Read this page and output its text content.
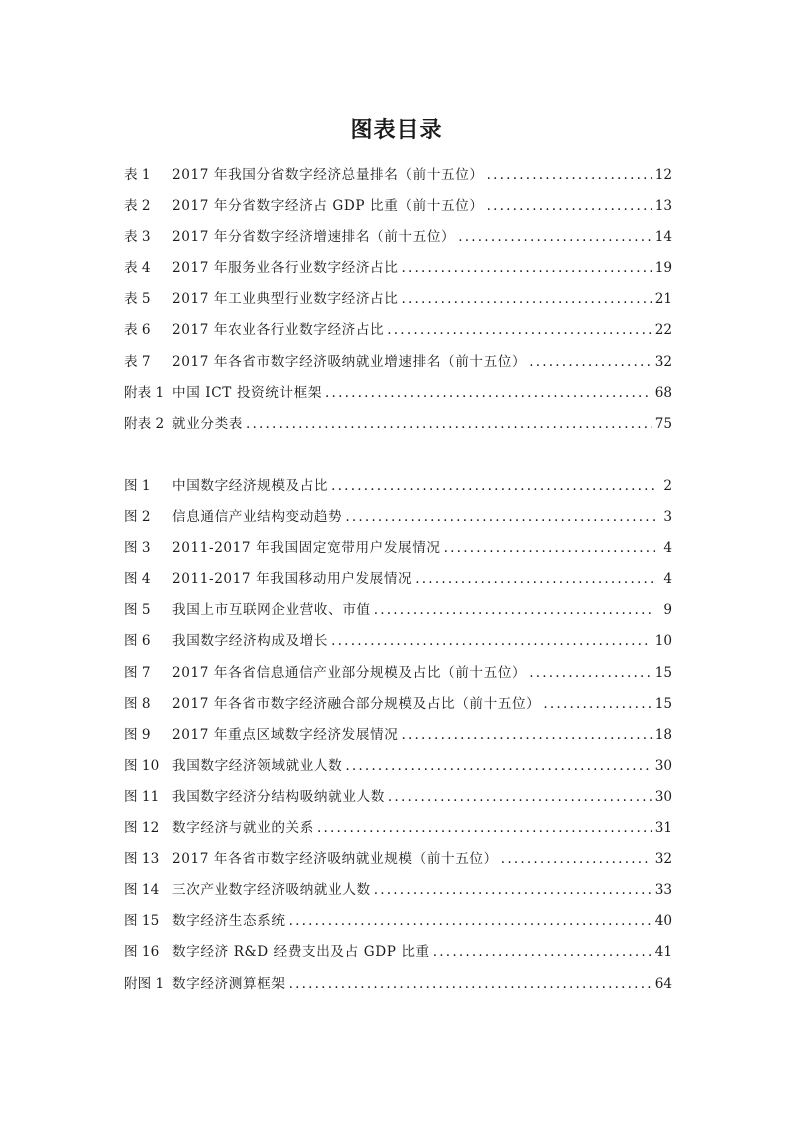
图表目录
表 1	2017 年我国分省数字经济总量排名（前十五位） .....	12
表 2	2017 年分省数字经济占 GDP 比重（前十五位） .....	13
表 3	2017 年分省数字经济增速排名（前十五位） .....	14
表 4	2017 年服务业各行业数字经济占比 .....	19
表 5	2017 年工业典型行业数字经济占比 .....	21
表 6	2017 年农业各行业数字经济占比 .....	22
表 7	2017 年各省市数字经济吸纳就业增速排名（前十五位） .....	32
附表 1 中国 ICT 投资统计框架 .....	68
附表 2 就业分类表 .....	75
图 1	中国数字经济规模及占比 .....	2
图 2	信息通信产业结构变动趋势 .....	3
图 3	2011-2017 年我国固定宽带用户发展情况 .....	4
图 4	2011-2017 年我国移动用户发展情况 .....	4
图 5	我国上市互联网企业营收、市值 .....	9
图 6	我国数字经济构成及增长 .....	10
图 7	2017 年各省信息通信产业部分规模及占比（前十五位） .....	15
图 8	2017 年各省市数字经济融合部分规模及占比（前十五位） .....	15
图 9	2017 年重点区域数字经济发展情况 .....	18
图 10 我国数字经济领域就业人数 .....	30
图 11 我国数字经济分结构吸纳就业人数 .....	30
图 12 数字经济与就业的关系 .....	31
图 13 2017 年各省市数字经济吸纳就业规模（前十五位） .....	32
图 14 三次产业数字经济吸纳就业人数 .....	33
图 15 数字经济生态系统 .....	40
图 16 数字经济 R&D 经费支出及占 GDP 比重 .....	41
附图 1 数字经济测算框架 .....	64
